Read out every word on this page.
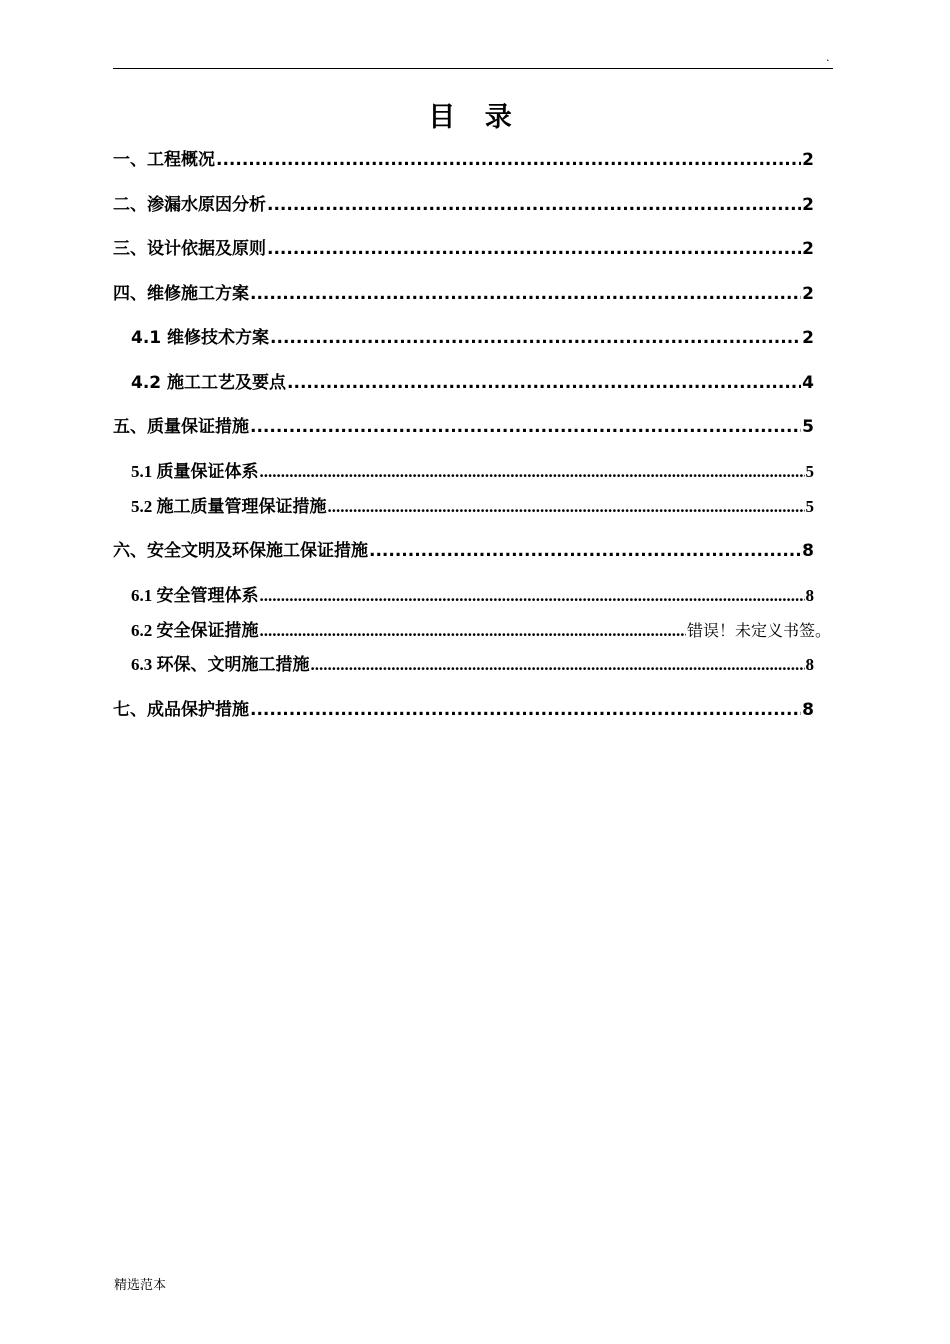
.
目 录
一、工程概况 .....	2
二、渗漏水原因分析 .....	2
三、设计依据及原则 .....	2
四、维修施工方案 .....	2
4.1 维修技术方案 .....	2
4.2 施工工艺及要点 .....	4
五、质量保证措施 .....	5
5.1 质量保证体系 .....	5
5.2 施工质量管理保证措施 .....	5
六、安全文明及环保施工保证措施 .....	8
6.1 安全管理体系 .....	8
6.2 安全保证措施 .....	错误！未定义书签。
6.3 环保、文明施工措施 .....	8
七、成品保护措施 .....	8
精选范本
